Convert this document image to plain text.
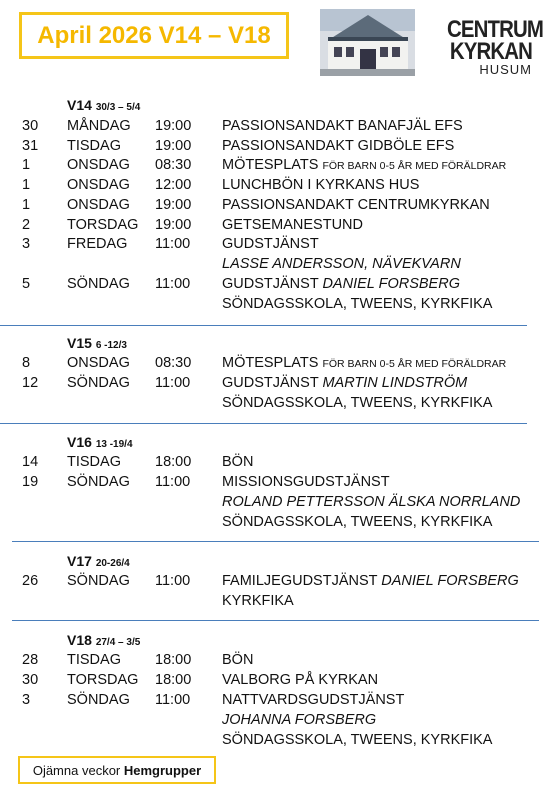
April 2026 V14 – V18	CENTRUM
KYRKAN
HUSUM
V14 30/3 – 5/4
30 MÅNDAG 19:00 PASSIONSANDAKT BANAFJÄL EFS
31 TISDAG 19:00 PASSIONSANDAKT GIDBÖLE EFS
1	ONSDAG 08:30 MÖTESPLATS FÖR BARN 0-5 ÅR MED FÖRÄLDRAR
1	ONSDAG 12:00 LUNCHBÖN I KYRKANS HUS
1	ONSDAG 19:00 PASSIONSANDAKT CENTRUMKYRKAN
2	TORSDAG 19:00 GETSEMANESTUND
3	FREDAG 11:00 GUDSTJÄNST
LASSE ANDERSSON, NÄVEKVARN
5	SÖNDAG 11:00 GUDSTJÄNST DANIEL FORSBERG
SÖNDAGSSKOLA, TWEENS, KYRKFIKA
V15 6 -12/3
8	ONSDAG 08:30 MÖTESPLATS FÖR BARN 0-5 ÅR MED FÖRÄLDRAR
12 SÖNDAG 11:00 GUDSTJÄNST MARTIN LINDSTRÖM
SÖNDAGSSKOLA, TWEENS, KYRKFIKA
V16 13 -19/4
14 TISDAG 18:00 BÖN
19 SÖNDAG 11:00 MISSIONSGUDSTJÄNST
ROLAND PETTERSSON ÄLSKA NORRLAND
SÖNDAGSSKOLA, TWEENS, KYRKFIKA
V17 20-26/4
26 SÖNDAG 11:00 FAMILJEGUDSTJÄNST DANIEL FORSBERG
KYRKFIKA
V18 27/4 – 3/5
28 TISDAG 18:00 BÖN
30 TORSDAG 18:00 VALBORG PÅ KYRKAN
3	SÖNDAG 11:00 NATTVARDSGUDSTJÄNST
JOHANNA FORSBERG
SÖNDAGSSKOLA, TWEENS, KYRKFIKA
Ojämna veckor
Hemgrupper
